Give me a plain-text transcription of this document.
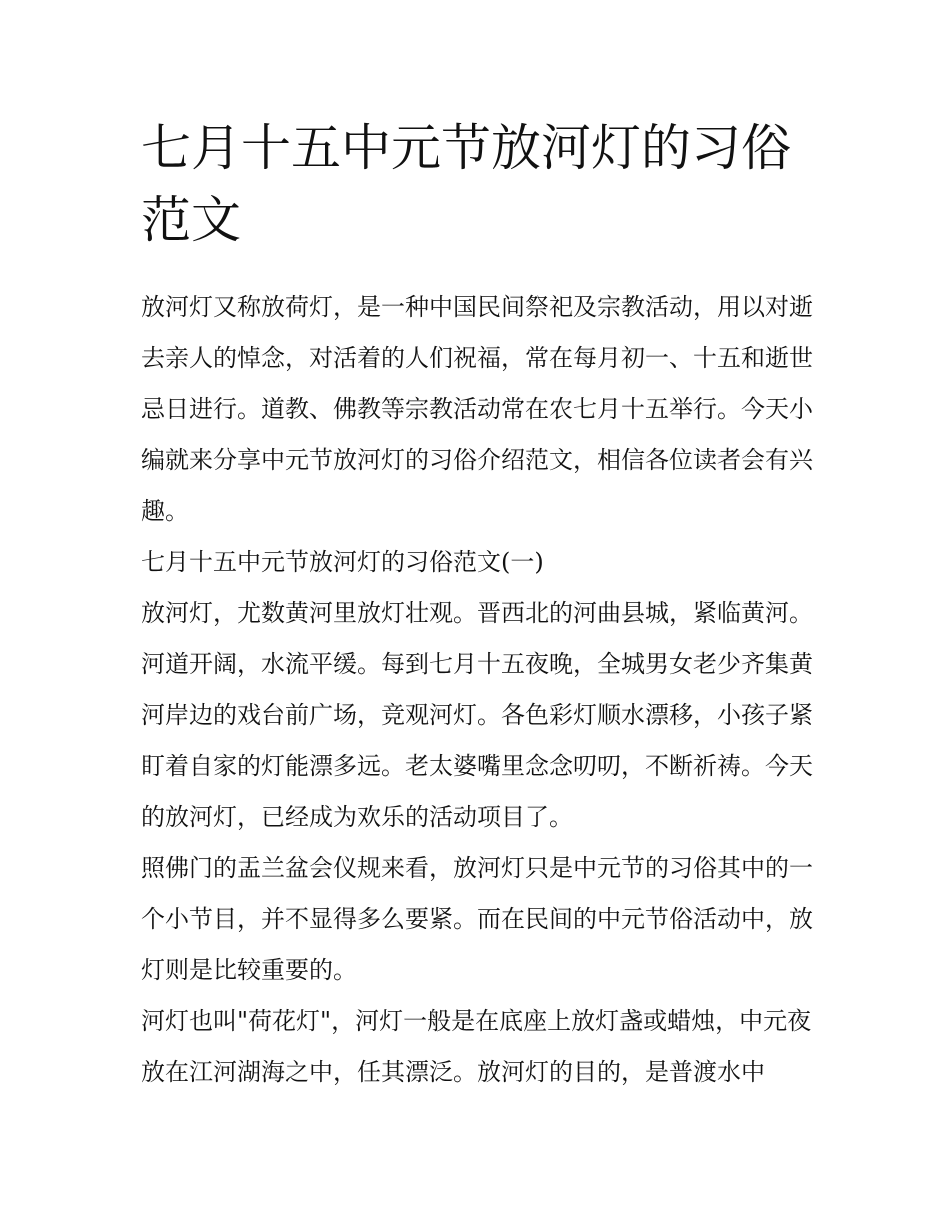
七月十五中元节放河灯的习俗范文

放河灯又称放荷灯，是一种中国民间祭祀及宗教活动，用以对逝去亲人的悼念，对活着的人们祝福，常在每月初一、十五和逝世忌日进行。道教、佛教等宗教活动常在农七月十五举行。今天小编就来分享中元节放河灯的习俗介绍范文，相信各位读者会有兴趣。

七月十五中元节放河灯的习俗范文(一)

放河灯，尤数黄河里放灯壮观。晋西北的河曲县城，紧临黄河。河道开阔，水流平缓。每到七月十五夜晚，全城男女老少齐集黄河岸边的戏台前广场，竞观河灯。各色彩灯顺水漂移，小孩子紧盯着自家的灯能漂多远。老太婆嘴里念念叨叨，不断祈祷。今天的放河灯，已经成为欢乐的活动项目了。

照佛门的盂兰盆会仪规来看，放河灯只是中元节的习俗其中的一个小节目，并不显得多么要紧。而在民间的中元节俗活动中，放灯则是比较重要的。

河灯也叫"荷花灯"，河灯一般是在底座上放灯盏或蜡烛，中元夜放在江河湖海之中，任其漂泛。放河灯的目的，是普渡水中
